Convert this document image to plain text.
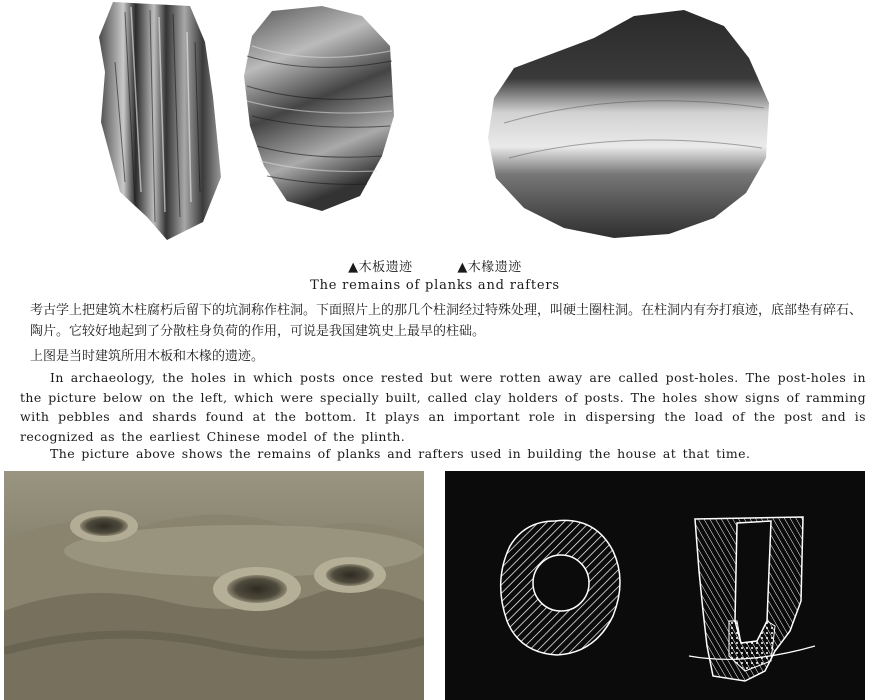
▲木板遗迹	▲木椽遗迹
The remains of planks and rafters
考古学上把建筑木柱腐朽后留下的坑洞称作柱洞。下面照片上的那几个柱洞经过特殊处理，叫硬土圈柱洞。在柱洞内有夯打痕迹，底部垫有碎石、陶片。它较好地起到了分散柱身负荷的作用，可说是我国建筑史上最早的柱础。
上图是当时建筑所用木板和木椽的遗迹。
In archaeology, the holes in which posts once rested but were rotten away are called post-holes. The post-holes in the picture below on the left, which were specially built, called clay holders of posts. The holes show signs of ramming with pebbles and shards found at the bottom. It plays an important role in dispersing the load of the post and is recognized as the earliest Chinese model of the plinth.
The picture above shows the remains of planks and rafters used in building the house at that time.
